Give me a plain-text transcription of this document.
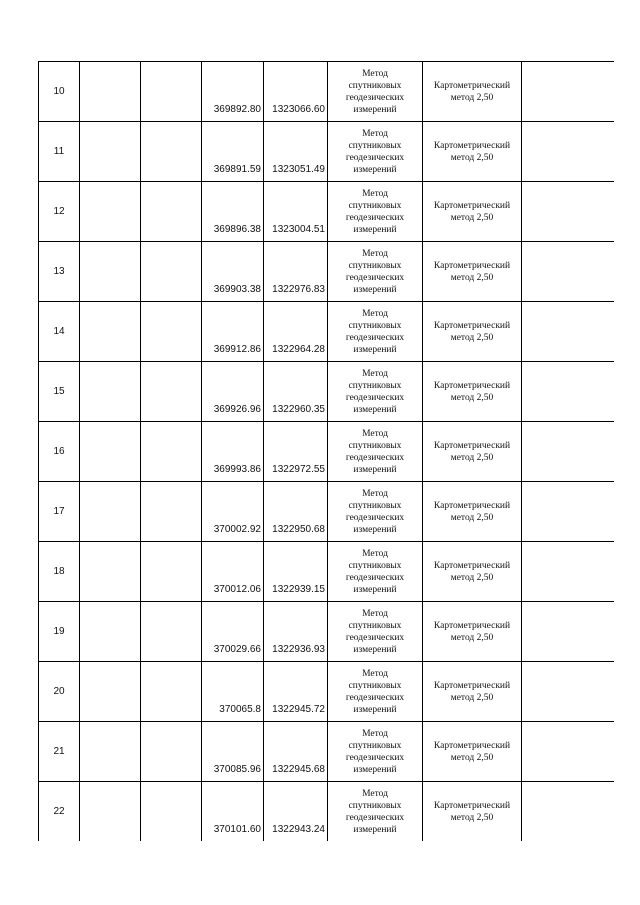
10			369892.80	1323066.60	Метод
спутниковых
геодезических
измерений	Картометрический
метод 2,50	

11			369891.59	1323051.49	Метод
спутниковых
геодезических
измерений	Картометрический
метод 2,50	

12			369896.38	1323004.51	Метод
спутниковых
геодезических
измерений	Картометрический
метод 2,50	

13			369903.38	1322976.83	Метод
спутниковых
геодезических
измерений	Картометрический
метод 2,50	

14			369912.86	1322964.28	Метод
спутниковых
геодезических
измерений	Картометрический
метод 2,50	

15			369926.96	1322960.35	Метод
спутниковых
геодезических
измерений	Картометрический
метод 2,50	

16			369993.86	1322972.55	Метод
спутниковых
геодезических
измерений	Картометрический
метод 2,50	

17			370002.92	1322950.68	Метод
спутниковых
геодезических
измерений	Картометрический
метод 2,50	

18			370012.06	1322939.15	Метод
спутниковых
геодезических
измерений	Картометрический
метод 2,50	

19			370029.66	1322936.93	Метод
спутниковых
геодезических
измерений	Картометрический
метод 2,50	

20			370065.8	1322945.72	Метод
спутниковых
геодезических
измерений	Картометрический
метод 2,50	

21			370085.96	1322945.68	Метод
спутниковых
геодезических
измерений	Картометрический
метод 2,50	

22			370101.60	1322943.24	Метод
спутниковых
геодезических
измерений	Картометрический
метод 2,50	
